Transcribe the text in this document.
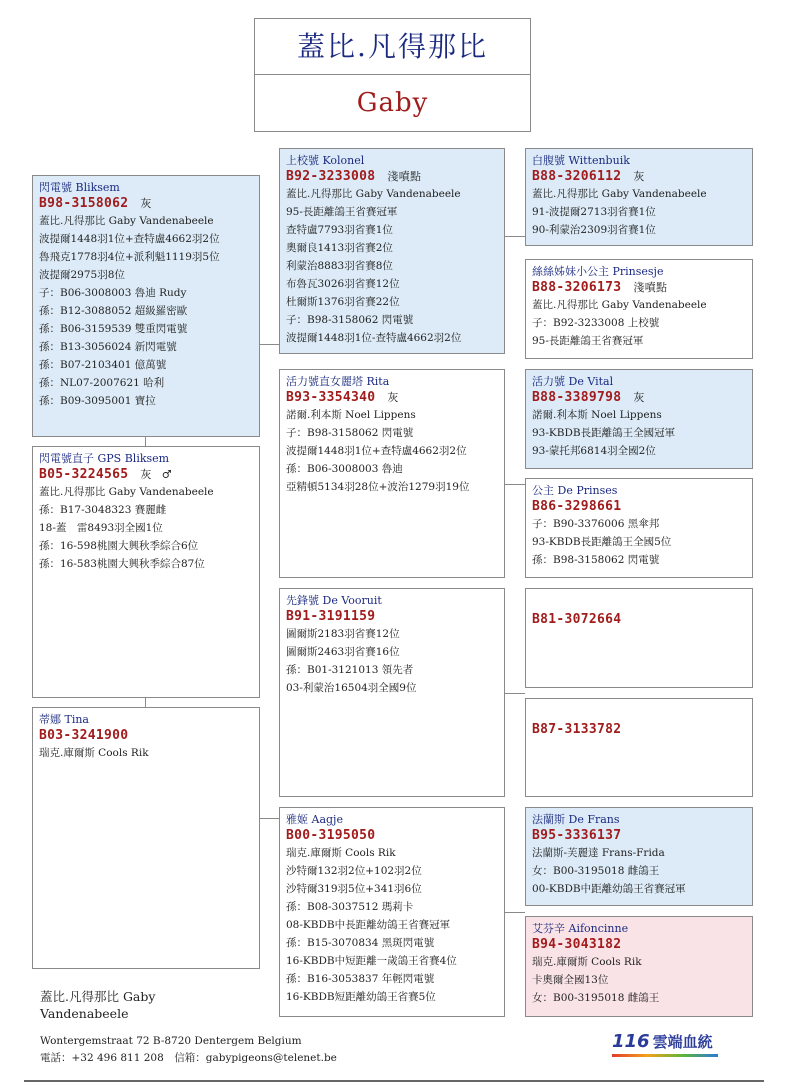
蓋比.凡得那比
Gaby
閃電號 Bliksem
B98-3158062 灰
蓋比.凡得那比 Gaby Vandenabeele
波提爾1448羽1位+查特盧4662羽2位
魯飛克1778羽4位+派利魁1119羽5位
波提爾2975羽8位
子：B06-3008003 魯迪 Rudy
孫：B12-3088052 超級羅密歐
孫：B06-3159539 雙重閃電號
孫：B13-3056024 新閃電號
孫：B07-2103401 億萬號
孫：NL07-2007621 哈利
孫：B09-3095001 寶拉
閃電號直子 GPS Bliksem
B05-3224565 灰 ♂
蓋比.凡得那比 Gaby Vandenabeele
孫：B17-3048323 賽麗雌
18-蓋　雷8493羽全國1位
孫：16-598桃園大興秋季綜合6位
孫：16-583桃園大興秋季綜合87位
蒂娜 Tina
B03-3241900
瑞克.庫爾斯 Cools Rik
上校號 Kolonel
B92-3233008 淺噴點
蓋比.凡得那比 Gaby Vandenabeele
95-長距離鴿王省賽冠軍
查特盧7793羽省賽1位
奧爾良1413羽省賽2位
利蒙治8883羽省賽8位
布魯瓦3026羽省賽12位
杜爾斯1376羽省賽22位
子：B98-3158062 閃電號
波提爾1448羽1位-查特盧4662羽2位
活力號直女麗塔 Rita
B93-3354340 灰
諾爾.利本斯 Noel Lippens
子：B98-3158062 閃電號
波提爾1448羽1位+查特盧4662羽2位
孫：B06-3008003 魯迪
亞精頓5134羽28位+波治1279羽19位
先鋒號 De Vooruit
B91-3191159
圖爾斯2183羽省賽12位
圖爾斯2463羽省賽16位
孫：B01-3121013 領先者
03-利蒙治16504羽全國9位
雅姬 Aagje
B00-3195050
瑞克.庫爾斯 Cools Rik
沙特爾132羽2位+102羽2位
沙特爾319羽5位+341羽6位
孫：B08-3037512 瑪莉卡
08-KBDB中長距離幼鴿王省賽冠軍
孫：B15-3070834 黑斑閃電號
16-KBDB中短距離一歲鴿王省賽4位
孫：B16-3053837 年輕閃電號
16-KBDB短距離幼鴿王省賽5位
白腹號 Wittenbuik
B88-3206112 灰
蓋比.凡得那比 Gaby Vandenabeele
91-波提爾2713羽省賽1位
90-利蒙治2309羽省賽1位
絲絲姊妹小公主 Prinsesje
B88-3206173 淺噴點
蓋比.凡得那比 Gaby Vandenabeele
子：B92-3233008 上校號
95-長距離鴿王省賽冠軍
活力號 De Vital
B88-3389798 灰
諾爾.利本斯 Noel Lippens
93-KBDB長距離鴿王全國冠軍
93-蒙托邦6814羽全國2位
公主 De Prinses
B86-3298661
子：B90-3376006 黑傘邦
93-KBDB長距離鴿王全國5位
孫：B98-3158062 閃電號
B81-3072664
B87-3133782
法蘭斯 De Frans
B95-3336137
法蘭斯-芙麗達 Frans-Frida
女：B00-3195018 雌鴿王
00-KBDB中距離幼鴿王省賽冠軍
艾芬辛 Aifoncinne
B94-3043182
瑞克.庫爾斯 Cools Rik
卡奧爾全國13位
女：B00-3195018 雌鴿王
蓋比.凡得那比 Gaby
Vandenabeele
Wontergemstraat 72 B-8720 Dentergem Belgium
電話：+32 496 811 208　信箱：gabypigeons@telenet.be
116 雲端血統
